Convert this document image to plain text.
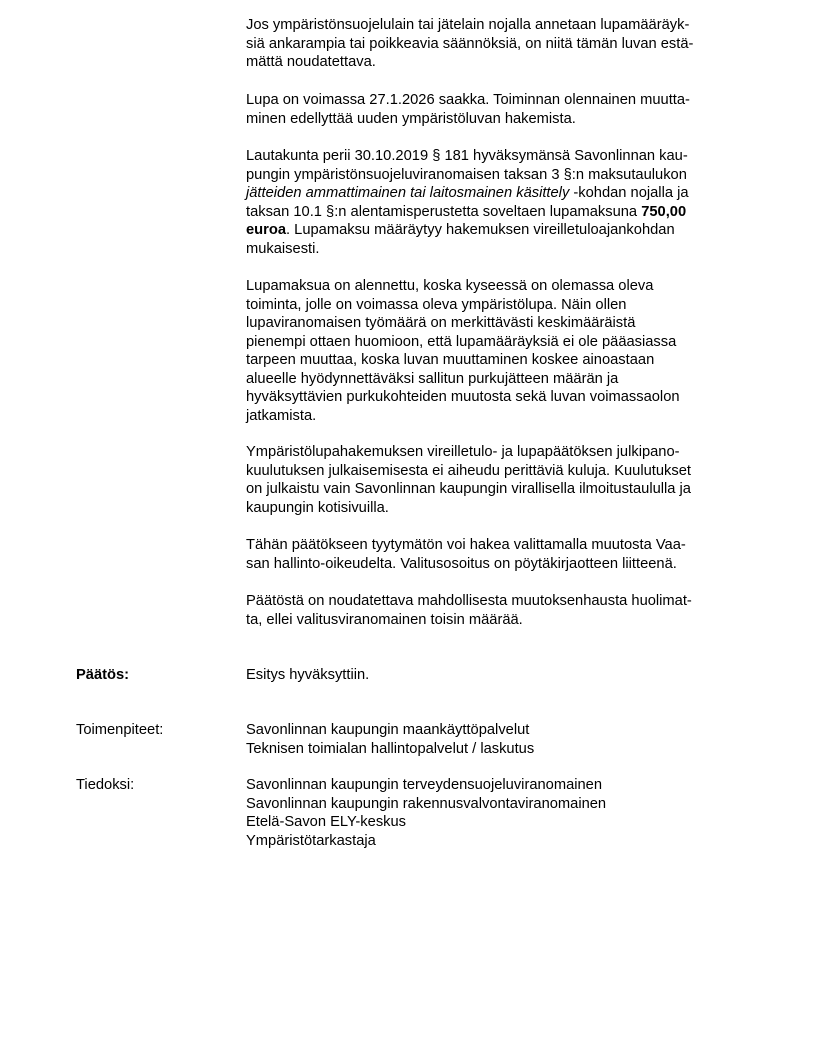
Jos ympäristönsuojelulain tai jätelain nojalla annetaan lupamääräyk-
siä ankarampia tai poikkeavia säännöksiä, on niitä tämän luvan estä-
mättä noudatettava.
Lupa on voimassa 27.1.2026 saakka. Toiminnan olennainen muutta-
minen edellyttää uuden ympäristöluvan hakemista.
Lautakunta perii 30.10.2019 § 181 hyväksymänsä Savonlinnan kau-
pungin ympäristönsuojeluviranomaisen taksan 3 §:n maksutaulukon
jätteiden ammattimainen tai laitosmainen käsittely -kohdan nojalla ja
taksan 10.1 §:n alentamisperustetta soveltaen lupamaksuna 750,00
euroa. Lupamaksu määräytyy hakemuksen vireilletuloajankohdan
mukaisesti.
Lupamaksua on alennettu, koska kyseessä on olemassa oleva
toiminta, jolle on voimassa oleva ympäristölupa. Näin ollen
lupaviranomaisen työmäärä on merkittävästi keskimääräistä
pienempi ottaen huomioon, että lupamääräyksiä ei ole pääasiassa
tarpeen muuttaa, koska luvan muuttaminen koskee ainoastaan
alueelle hyödynnettäväksi sallitun purkujätteen määrän ja
hyväksyttävien purkukohteiden muutosta sekä luvan voimassaolon
jatkamista.
Ympäristölupahakemuksen vireilletulo- ja lupapäätöksen julkipano-
kuulutuksen julkaisemisesta ei aiheudu perittäviä kuluja. Kuulutukset
on julkaistu vain Savonlinnan kaupungin virallisella ilmoitustaululla ja
kaupungin kotisivuilla.
Tähän päätökseen tyytymätön voi hakea valittamalla muutosta Vaa-
san hallinto-oikeudelta. Valitusosoitus on pöytäkirjaotteen liitteenä.
Päätöstä on noudatettava mahdollisesta muutoksenhausta huolimat-
ta, ellei valitusviranomainen toisin määrää.
Päätös:	Esitys hyväksyttiin.
Toimenpiteet:	Savonlinnan kaupungin maankäyttöpalvelut
Teknisen toimialan hallintopalvelut / laskutus
Tiedoksi:	Savonlinnan kaupungin terveydensuojeluviranomainen
Savonlinnan kaupungin rakennusvalvontaviranomainen
Etelä-Savon ELY-keskus
Ympäristötarkastaja
